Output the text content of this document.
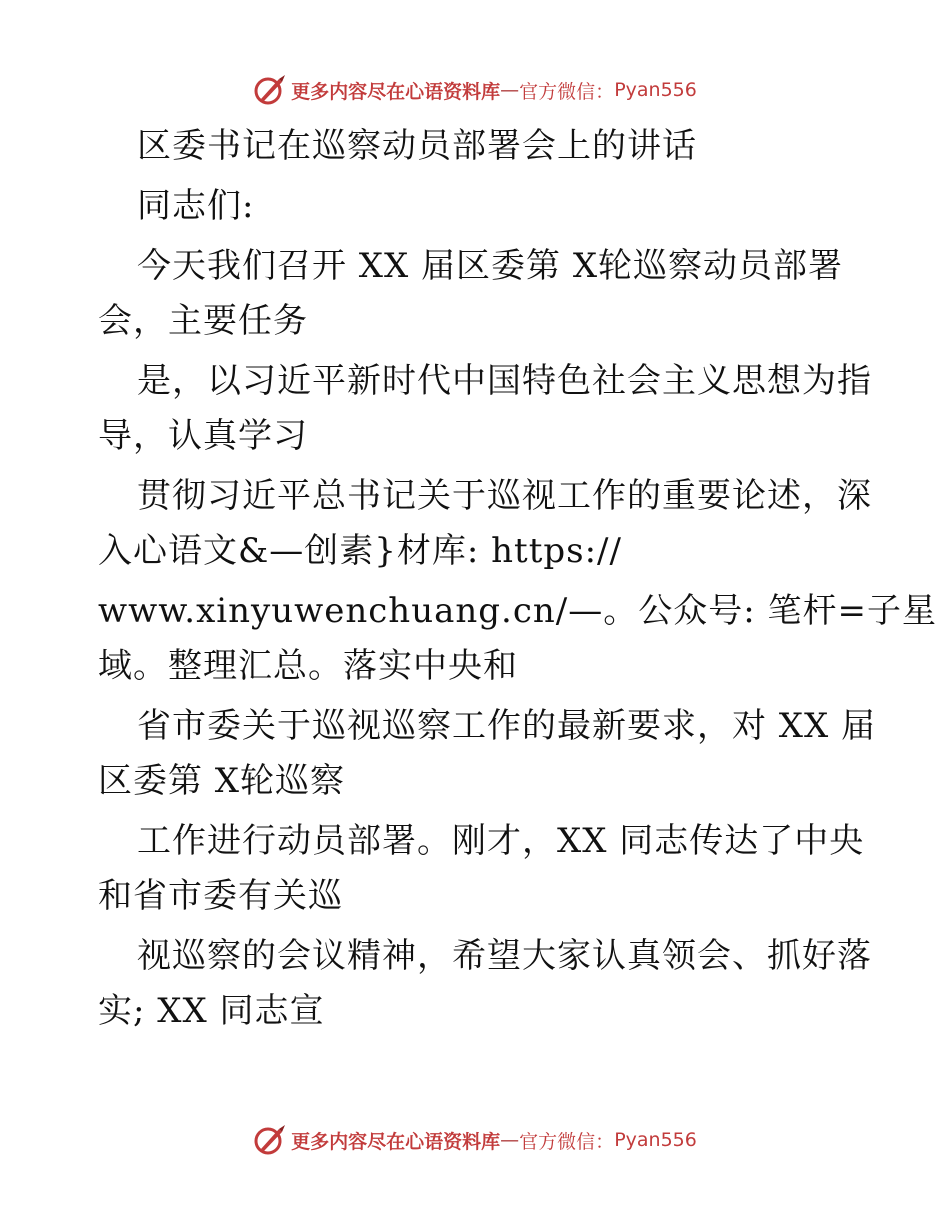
更多内容尽在心语资料库 — 官方微信： Pyan556
区委书记在巡察动员部署会上的讲话
同志们:
今天我们召开 XX 届区委第 X轮巡察动员部署
会，主要任务
是，以习近平新时代中国特色社会主义思想为指
导，认真学习
贯彻习近平总书记关于巡视工作的重要论述，深
入心语文&—创素}材库: https://
www.xinyuwenchuang.cn/—。公众号: 笔杆=子星
域。整理汇总。落实中央和
省市委关于巡视巡察工作的最新要求，对 XX 届
区委第 X轮巡察
工作进行动员部署。刚才，XX 同志传达了中央
和省市委有关巡
视巡察的会议精神，希望大家认真领会、抓好落
实; XX 同志宣
更多内容尽在心语资料库 — 官方微信： Pyan556
